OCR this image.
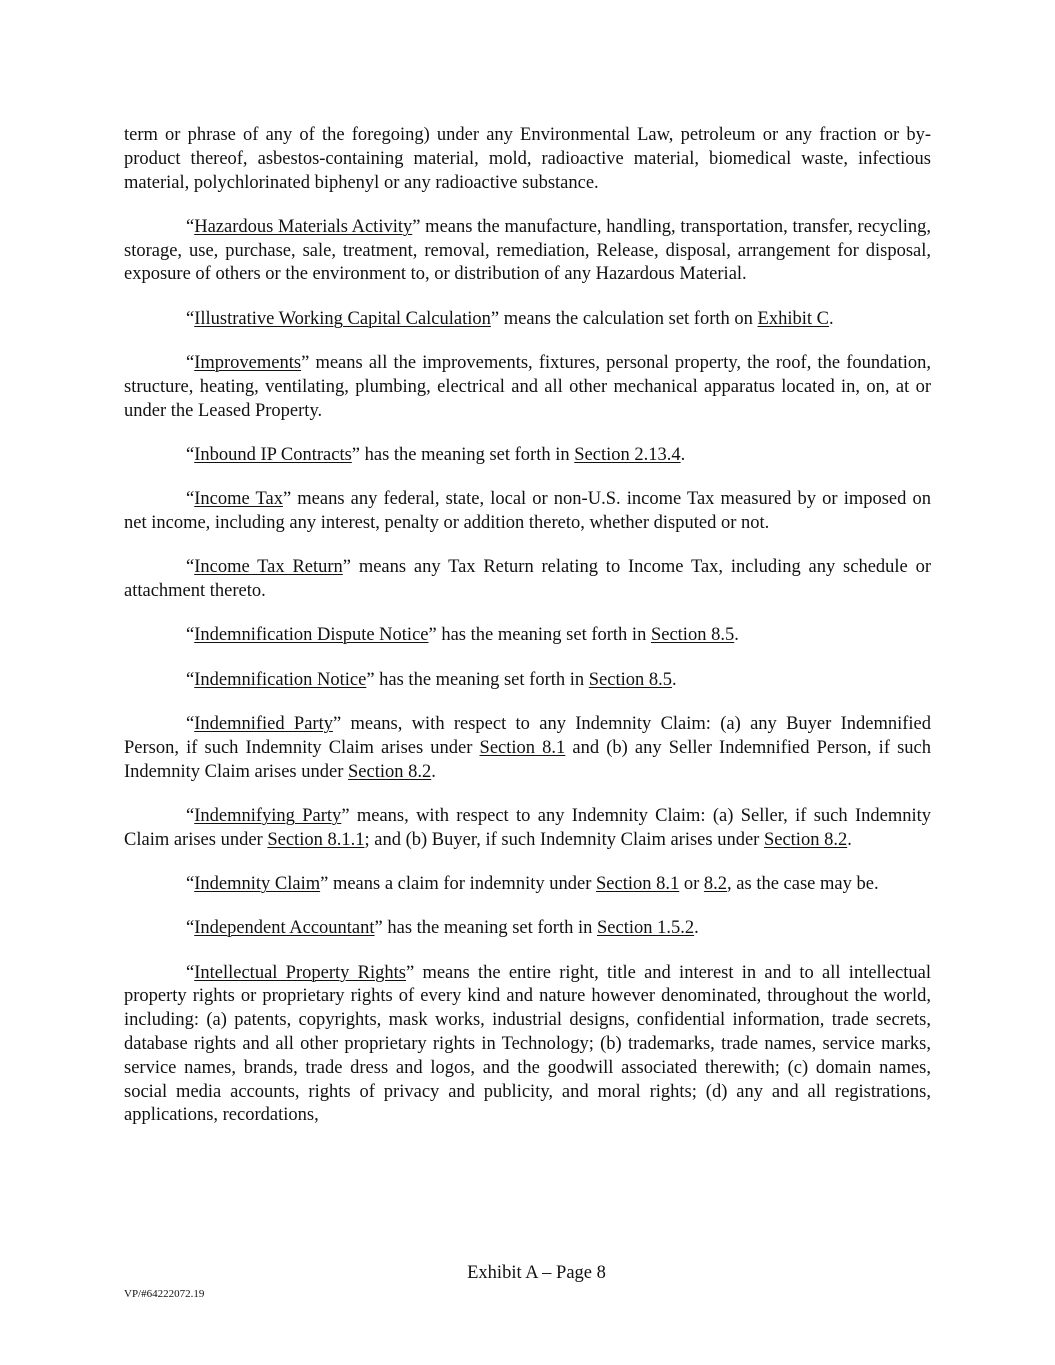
term or phrase of any of the foregoing) under any Environmental Law, petroleum or any fraction or by-product thereof, asbestos-containing material, mold, radioactive material, biomedical waste, infectious material, polychlorinated biphenyl or any radioactive substance.

“Hazardous Materials Activity” means the manufacture, handling, transportation, transfer, recycling, storage, use, purchase, sale, treatment, removal, remediation, Release, disposal, arrangement for disposal, exposure of others or the environment to, or distribution of any Hazardous Material.

“Illustrative Working Capital Calculation” means the calculation set forth on Exhibit C.

“Improvements” means all the improvements, fixtures, personal property, the roof, the foundation, structure, heating, ventilating, plumbing, electrical and all other mechanical apparatus located in, on, at or under the Leased Property.

“Inbound IP Contracts” has the meaning set forth in Section 2.13.4.

“Income Tax” means any federal, state, local or non-U.S. income Tax measured by or imposed on net income, including any interest, penalty or addition thereto, whether disputed or not.

“Income Tax Return” means any Tax Return relating to Income Tax, including any schedule or attachment thereto.

“Indemnification Dispute Notice” has the meaning set forth in Section 8.5.

“Indemnification Notice” has the meaning set forth in Section 8.5.

“Indemnified Party” means, with respect to any Indemnity Claim: (a) any Buyer Indemnified Person, if such Indemnity Claim arises under Section 8.1 and (b) any Seller Indemnified Person, if such Indemnity Claim arises under Section 8.2.

“Indemnifying Party” means, with respect to any Indemnity Claim: (a) Seller, if such Indemnity Claim arises under Section 8.1.1; and (b) Buyer, if such Indemnity Claim arises under Section 8.2.

“Indemnity Claim” means a claim for indemnity under Section 8.1 or 8.2, as the case may be.

“Independent Accountant” has the meaning set forth in Section 1.5.2.

“Intellectual Property Rights” means the entire right, title and interest in and to all intellectual property rights or proprietary rights of every kind and nature however denominated, throughout the world, including: (a) patents, copyrights, mask works, industrial designs, confidential information, trade secrets, database rights and all other proprietary rights in Technology; (b) trademarks, trade names, service marks, service names, brands, trade dress and logos, and the goodwill associated therewith; (c) domain names, social media accounts, rights of privacy and publicity, and moral rights; (d) any and all registrations, applications, recordations,

Exhibit A – Page 8
VP/#64222072.19
